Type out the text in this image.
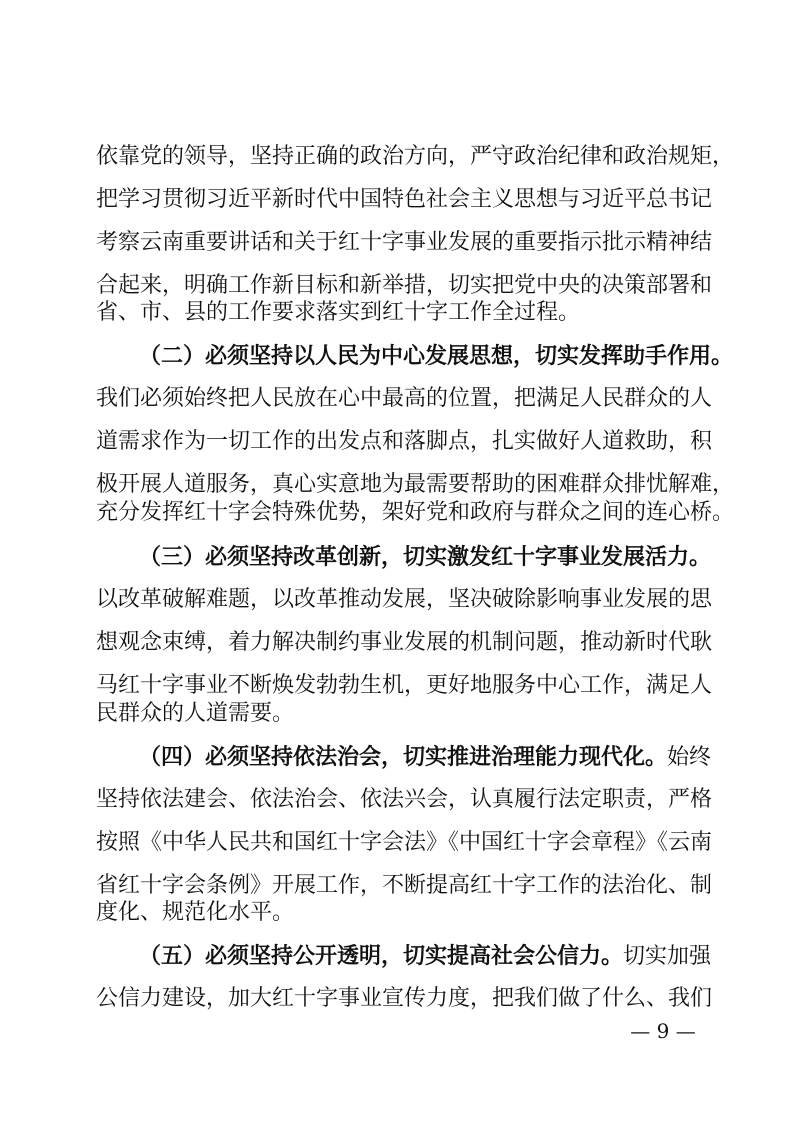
依靠党的领导，坚持正确的政治方向，严守政治纪律和政治规矩，
把学习贯彻习近平新时代中国特色社会主义思想与习近平总书记
考察云南重要讲话和关于红十字事业发展的重要指示批示精神结
合起来，明确工作新目标和新举措，切实把党中央的决策部署和
省、市、县的工作要求落实到红十字工作全过程。
（二）必须坚持以人民为中心发展思想，切实发挥助手作用。
我们必须始终把人民放在心中最高的位置，把满足人民群众的人
道需求作为一切工作的出发点和落脚点，扎实做好人道救助，积
极开展人道服务，真心实意地为最需要帮助的困难群众排忧解难，
充分发挥红十字会特殊优势，架好党和政府与群众之间的连心桥。
（三）必须坚持改革创新，切实激发红十字事业发展活力。
以改革破解难题，以改革推动发展，坚决破除影响事业发展的思
想观念束缚，着力解决制约事业发展的机制问题，推动新时代耿
马红十字事业不断焕发勃勃生机，更好地服务中心工作，满足人
民群众的人道需要。
（四）必须坚持依法治会，切实推进治理能力现代化。始终
坚持依法建会、依法治会、依法兴会，认真履行法定职责，严格
按照《中华人民共和国红十字会法》《中国红十字会章程》《云南
省红十字会条例》开展工作，不断提高红十字工作的法治化、制
度化、规范化水平。
（五）必须坚持公开透明，切实提高社会公信力。切实加强
公信力建设，加大红十字事业宣传力度，把我们做了什么、我们
— 9 —
